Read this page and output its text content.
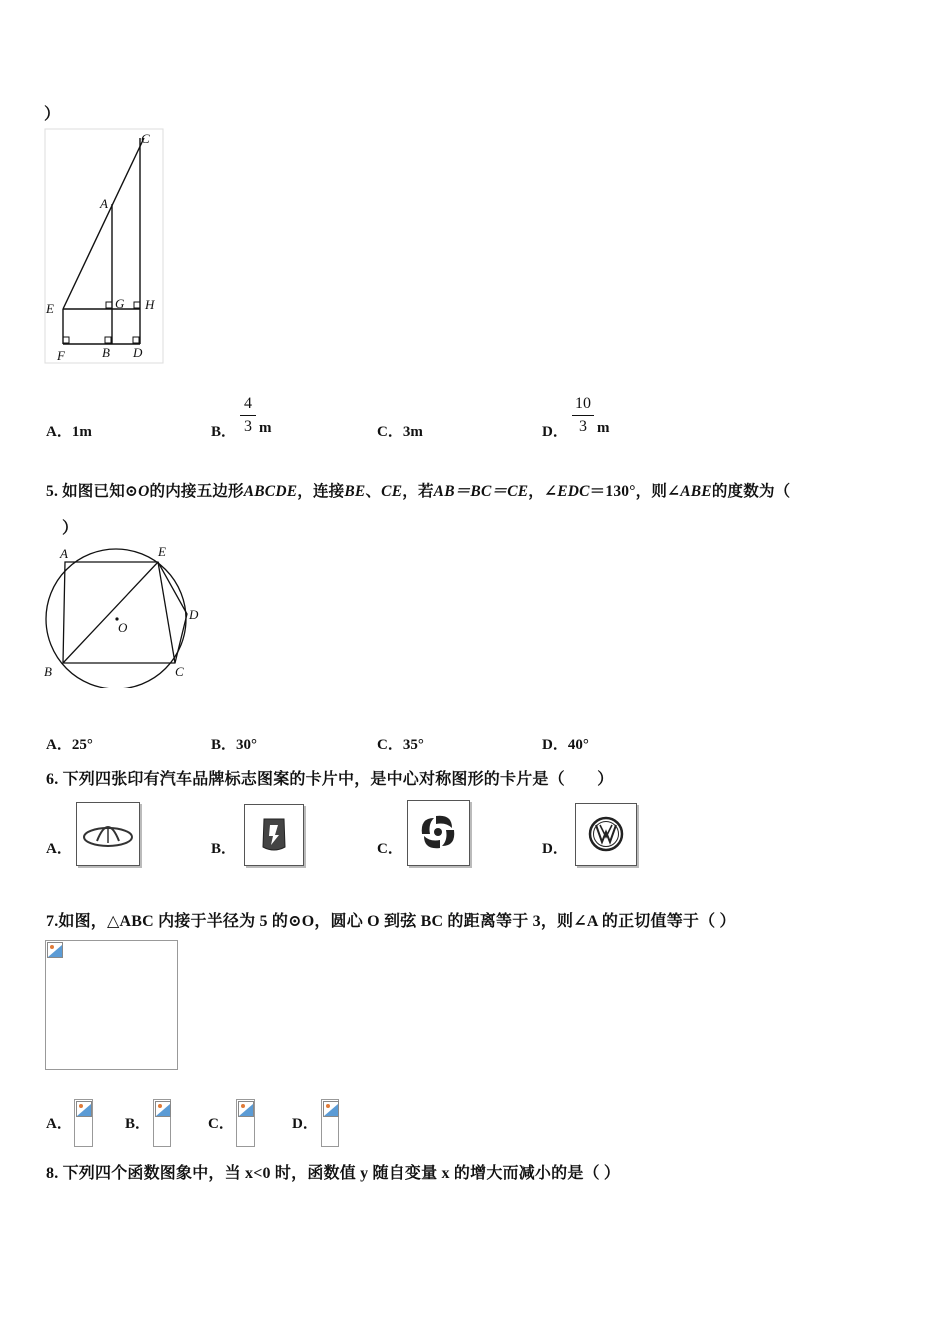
）
C
A
E	G H
F	B D
A．1m	B．
4
3 m	C．3m	D．
10
3 m
5. 如图已知⊙O的内接五边形ABCDE，连接BE、CE，若AB＝BC＝CE，∠EDC＝130°，则∠ABE的度数为（
）
A	E
D
O
B	C
A．25°	B．30°	C．35°	D．40°
6. 下列四张印有汽车品牌标志图案的卡片中，是中心对称图形的卡片是（　　）
A．	B．	C．	D．
7.如图，△ABC 内接于半径为 5 的⊙O，圆心 O 到弦 BC 的距离等于 3，则∠A 的正切值等于（ ）
A．	B．	C．	D．
8. 下列四个函数图象中，当 x<0 时，函数值 y 随自变量 x 的增大而减小的是（ ）
